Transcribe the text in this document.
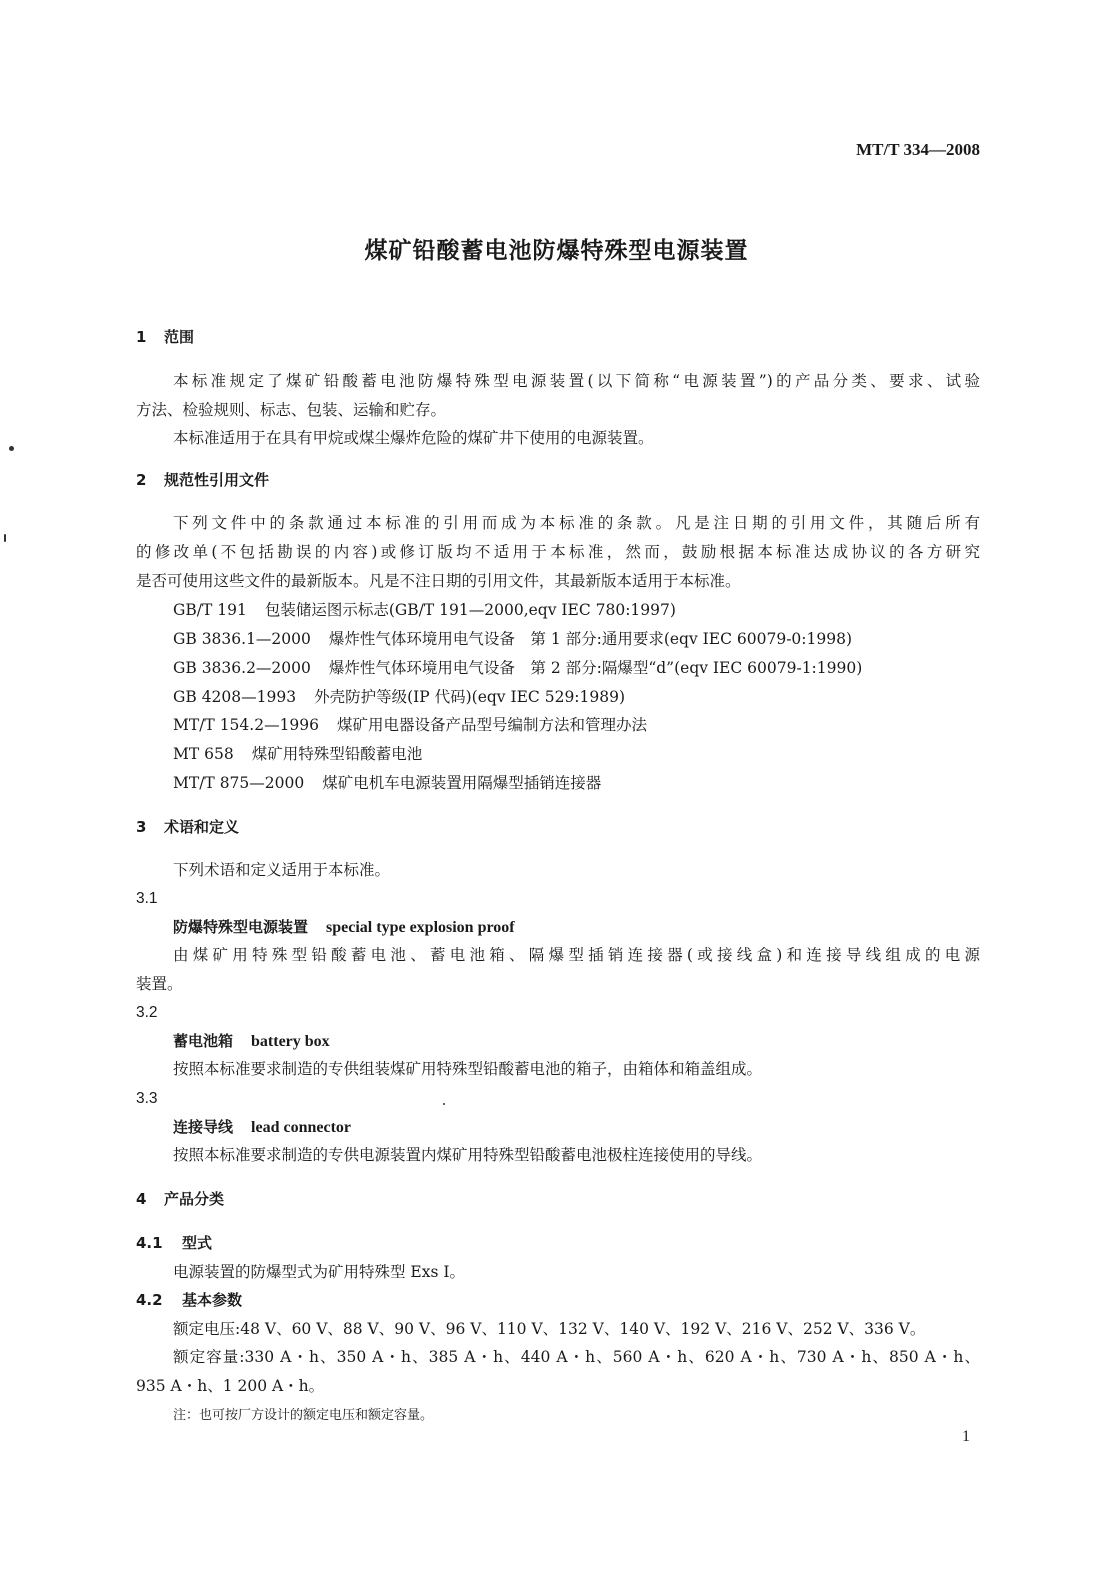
MT/T 334—2008
煤矿铅酸蓄电池防爆特殊型电源装置
1 范围
本标准规定了煤矿铅酸蓄电池防爆特殊型电源装置(以下简称“电源装置”)的产品分类、要求、试验
方法、检验规则、标志、包装、运输和贮存。
本标准适用于在具有甲烷或煤尘爆炸危险的煤矿井下使用的电源装置。
2 规范性引用文件
下列文件中的条款通过本标准的引用而成为本标准的条款。凡是注日期的引用文件，其随后所有
的修改单(不包括勘误的内容)或修订版均不适用于本标准，然而，鼓励根据本标准达成协议的各方研究
是否可使用这些文件的最新版本。凡是不注日期的引用文件，其最新版本适用于本标准。
GB/T 191 包装储运图示标志(GB/T 191—2000,eqv IEC 780:1997)
GB 3836.1—2000 爆炸性气体环境用电气设备　第 1 部分:通用要求(eqv IEC 60079-0:1998)
GB 3836.2—2000 爆炸性气体环境用电气设备　第 2 部分:隔爆型“d”(eqv IEC 60079-1:1990)
GB 4208—1993 外壳防护等级(IP 代码)(eqv IEC 529:1989)
MT/T 154.2—1996 煤矿用电器设备产品型号编制方法和管理办法
MT 658 煤矿用特殊型铅酸蓄电池
MT/T 875—2000 煤矿电机车电源装置用隔爆型插销连接器
3 术语和定义
下列术语和定义适用于本标准。
3.1
防爆特殊型电源装置 special type explosion proof
由煤矿用特殊型铅酸蓄电池、蓄电池箱、隔爆型插销连接器(或接线盒)和连接导线组成的电源
装置。
3.2
蓄电池箱 battery box
按照本标准要求制造的专供组装煤矿用特殊型铅酸蓄电池的箱子，由箱体和箱盖组成。
3.3
连接导线 lead connector
按照本标准要求制造的专供电源装置内煤矿用特殊型铅酸蓄电池极柱连接使用的导线。
4 产品分类
4.1 型式
电源装置的防爆型式为矿用特殊型 Exs Ⅰ。
4.2 基本参数
额定电压:48 V、60 V、88 V、90 V、96 V、110 V、132 V、140 V、192 V、216 V、252 V、336 V。
额定容量:330 A・h、350 A・h、385 A・h、440 A・h、560 A・h、620 A・h、730 A・h、850 A・h、
935 A・h、1 200 A・h。
注：也可按厂方设计的额定电压和额定容量。
1
